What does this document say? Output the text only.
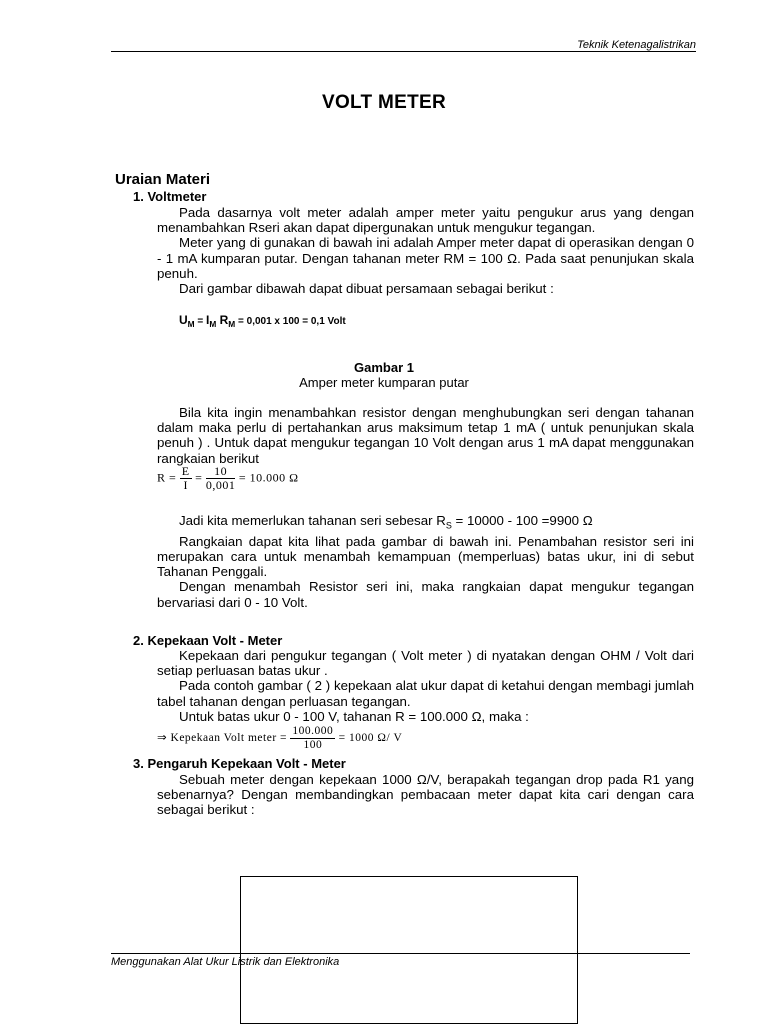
Teknik Ketenagalistrikan
VOLT METER
Uraian Materi
1. Voltmeter
Pada dasarnya volt meter adalah amper meter yaitu pengukur arus yang dengan menambahkan Rseri akan dapat dipergunakan untuk mengukur tegangan.
Meter yang di gunakan di bawah ini adalah Amper meter dapat di operasikan dengan 0 - 1 mA kumparan putar. Dengan tahanan meter RM = 100 Ω. Pada saat penunjukan skala penuh.
Dari gambar dibawah dapat dibuat persamaan sebagai berikut :
$U_M = I_M$ $R_M = 0,001$ x 100 = 0,1 Volt
Gambar 1
Amper meter kumparan putar
Bila kita ingin menambahkan resistor dengan menghubungkan seri dengan tahanan dalam maka perlu di pertahankan arus maksimum tetap 1 mA ( untuk penunjukan skala penuh ) . Untuk dapat mengukur tegangan 10 Volt dengan arus 1 mA dapat menggunakan rangkaian berikut
$R = \frac{E}{I} = \frac{10}{0,001} = 10.000$ Ω
Jadi kita memerlukan tahanan seri sebesar $R_S = 10000 - 100 =9900$ Ω
Rangkaian dapat kita lihat pada gambar di bawah ini. Penambahan resistor seri ini merupakan cara untuk menambah kemampuan (memperluas) batas ukur, ini di sebut Tahanan Penggali.
Dengan menambah Resistor seri ini, maka rangkaian dapat mengukur tegangan bervariasi dari 0 - 10 Volt.
2. Kepekaan Volt - Meter
Kepekaan dari pengukur tegangan ( Volt meter ) di nyatakan dengan OHM / Volt dari setiap perluasan batas ukur .
Pada contoh gambar ( 2 ) kepekaan alat ukur dapat di ketahui dengan membagi jumlah tabel tahanan dengan perluasan tegangan.
Untuk batas ukur 0 - 100 V, tahanan R = 100.000 Ω, maka :
⇒ Kepekaan Volt meter = $\frac{100.000}{100} = 1000$ Ω/ V
3. Pengaruh Kepekaan Volt - Meter
Sebuah meter dengan kepekaan 1000 Ω/V, berapakah tegangan drop pada R1 yang sebenarnya? Dengan membandingkan pembacaan meter dapat kita cari dengan cara sebagai berikut :
Menggunakan Alat Ukur Listrik dan Elektronika
